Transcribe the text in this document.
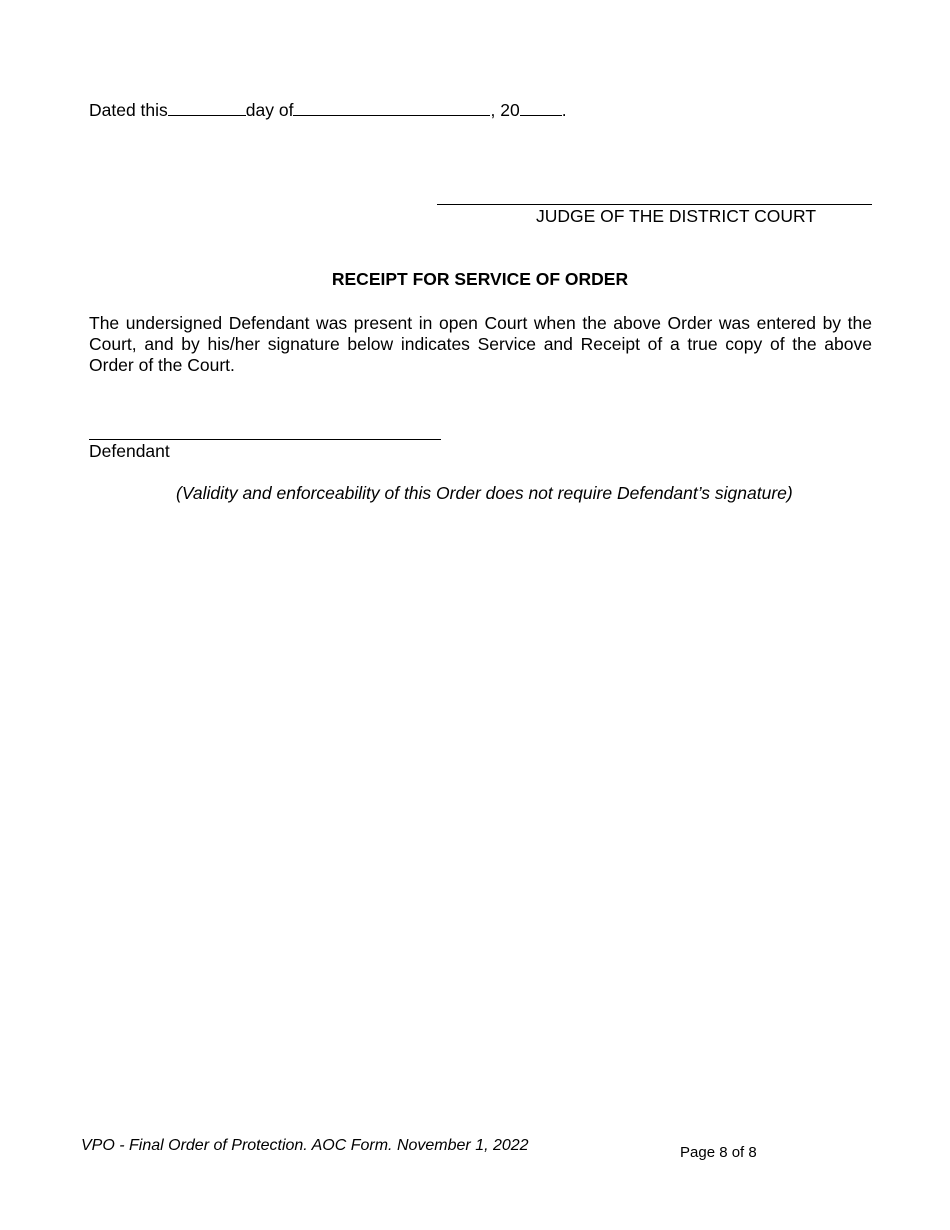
Dated this	day of	, 20 .
JUDGE OF THE DISTRICT COURT
RECEIPT FOR SERVICE OF ORDER
The undersigned Defendant was present in open Court when the above Order was entered by the Court, and by his/her signature below indicates Service and Receipt of a true copy of the above Order of the Court.
Defendant
(Validity and enforceability of this Order does not require Defendant’s signature)
VPO - Final Order of Protection. AOC Form. November 1, 2022	Page 8 of 8
